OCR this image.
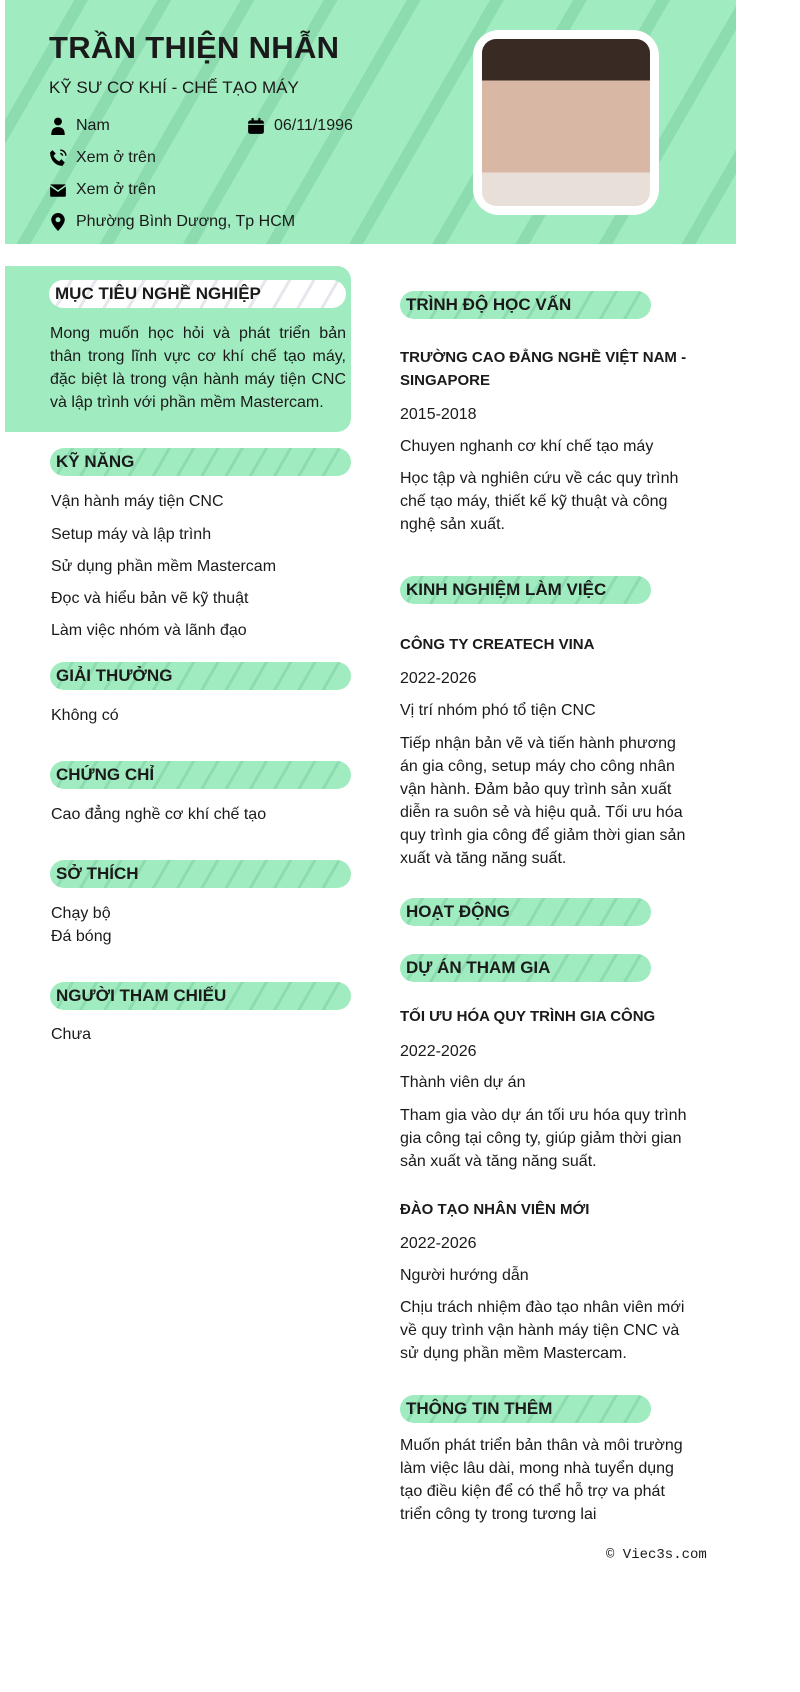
TRẦN THIỆN NHẪN
KỸ SƯ CƠ KHÍ - CHẾ TẠO MÁY
Nam	06/11/1996
Xem ở trên
Xem ở trên
Phường Bình Dương, Tp HCM
MỤC TIÊU NGHỀ NGHIỆP

Mong muốn học hỏi và phát triển bản thân trong lĩnh vực cơ khí chế tạo máy, đặc biệt là trong vận hành máy tiện CNC và lập trình với phần mềm Mastercam.

KỸ NĂNG
Vận hành máy tiện CNC
Setup máy và lập trình
Sử dụng phần mềm Mastercam
Đọc và hiểu bản vẽ kỹ thuật
Làm việc nhóm và lãnh đạo
GIẢI THƯỞNG
Không có
CHỨNG CHỈ
Cao đẳng nghề cơ khí chế tạo
SỞ THÍCH
Chạy bộ
Đá bóng
NGƯỜI THAM CHIẾU
Chưa
TRÌNH ĐỘ HỌC VẤN
TRƯỜNG CAO ĐẲNG NGHỀ VIỆT NAM - SINGAPORE
2015-2018
Chuyen nghanh cơ khí chế tạo máy
Học tập và nghiên cứu về các quy trình chế tạo máy, thiết kế kỹ thuật và công nghệ sản xuất.
KINH NGHIỆM LÀM VIỆC
CÔNG TY CREATECH VINA
2022-2026
Vị trí nhóm phó tổ tiện CNC
Tiếp nhận bản vẽ và tiến hành phương án gia công, setup máy cho công nhân vận hành. Đảm bảo quy trình sản xuất diễn ra suôn sẻ và hiệu quả. Tối ưu hóa quy trình gia công để giảm thời gian sản xuất và tăng năng suất.
HOẠT ĐỘNG
DỰ ÁN THAM GIA
TỐI ƯU HÓA QUY TRÌNH GIA CÔNG
2022-2026
Thành viên dự án
Tham gia vào dự án tối ưu hóa quy trình gia công tại công ty, giúp giảm thời gian sản xuất và tăng năng suất.
ĐÀO TẠO NHÂN VIÊN MỚI
2022-2026
Người hướng dẫn
Chịu trách nhiệm đào tạo nhân viên mới về quy trình vận hành máy tiện CNC và sử dụng phần mềm Mastercam.
THÔNG TIN THÊM
Muốn phát triển bản thân và môi trường làm việc lâu dài, mong nhà tuyển dụng tạo điều kiện để có thể hỗ trợ va phát triển công ty trong tương lai
© Viec3s.com
